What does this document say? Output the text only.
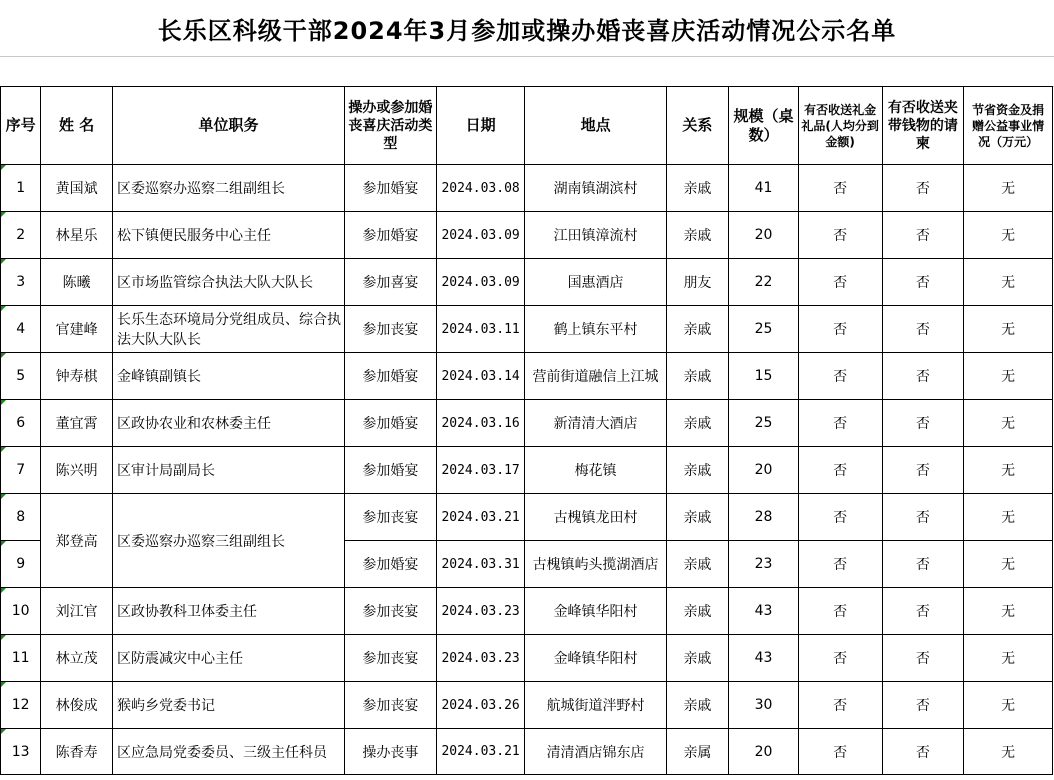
长乐区科级干部2024年3月参加或操办婚丧喜庆活动情况公示名单
序号	姓 名	单位职务	操办或参加婚丧喜庆活动类型	日期	地点	关系	规模（桌数）	有否收送礼金礼品(人均分到金额)	有否收送夹带钱物的请柬	节省资金及捐赠公益事业情况（万元）
1	黄国斌	区委巡察办巡察二组副组长	参加婚宴	2024.03.08	湖南镇湖滨村	亲戚	41	否	否	无
2	林星乐	松下镇便民服务中心主任	参加婚宴	2024.03.09	江田镇漳流村	亲戚	20	否	否	无
3	陈曦	区市场监管综合执法大队大队长	参加喜宴	2024.03.09	国惠酒店	朋友	22	否	否	无
4	官建峰	长乐生态环境局分党组成员、综合执法大队大队长	参加丧宴	2024.03.11	鹤上镇东平村	亲戚	25	否	否	无
5	钟寿棋	金峰镇副镇长	参加婚宴	2024.03.14	营前街道融信上江城	亲戚	15	否	否	无
6	董宜霄	区政协农业和农林委主任	参加婚宴	2024.03.16	新清清大酒店	亲戚	25	否	否	无
7	陈兴明	区审计局副局长	参加婚宴	2024.03.17	梅花镇	亲戚	20	否	否	无
8	郑登高	区委巡察办巡察三组副组长	参加丧宴	2024.03.21	古槐镇龙田村	亲戚	28	否	否	无
9			参加婚宴	2024.03.31	古槐镇屿头揽湖酒店	亲戚	23	否	否	无
10	刘江官	区政协教科卫体委主任	参加丧宴	2024.03.23	金峰镇华阳村	亲戚	43	否	否	无
11	林立茂	区防震减灾中心主任	参加丧宴	2024.03.23	金峰镇华阳村	亲戚	43	否	否	无
12	林俊成	猴屿乡党委书记	参加丧宴	2024.03.26	航城街道泮野村	亲戚	30	否	否	无
13	陈香寿	区应急局党委委员、三级主任科员	操办丧事	2024.03.21	清清酒店锦东店	亲属	20	否	否	无
